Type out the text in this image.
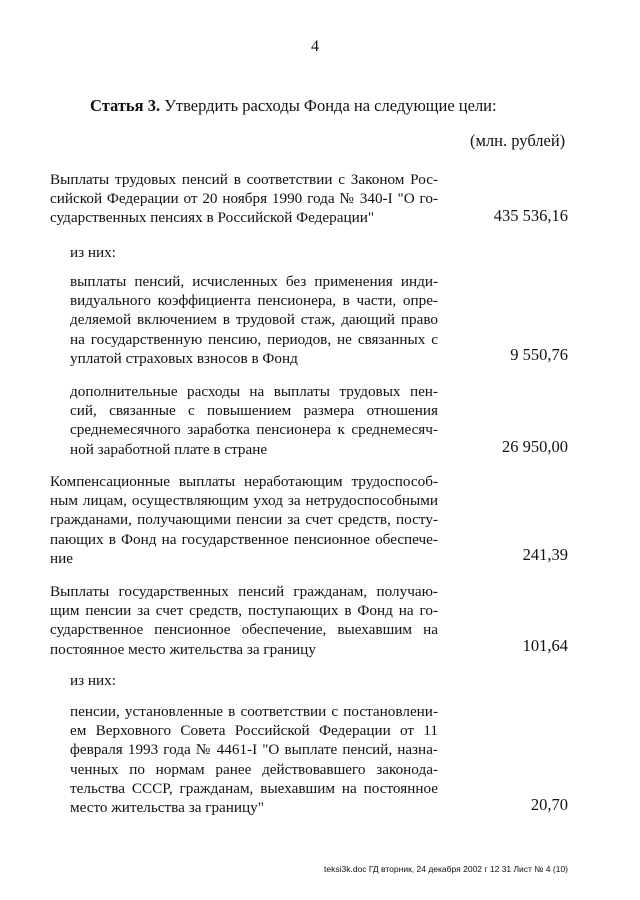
4
Статья 3. Утвердить расходы Фонда на следующие цели:
(млн. рублей)
Выплаты трудовых пенсий в соответствии с Законом Рос-
сийской Федерации от 20 ноября 1990 года № 340-I "О го-
сударственных пенсиях в Российской Федерации"	435 536,16
из них:
выплаты пенсий, исчисленных без применения инди-
видуального коэффициента пенсионера, в части, опре-
деляемой включением в трудовой стаж, дающий право
на государственную пенсию, периодов, не связанных с
уплатой страховых взносов в Фонд	9 550,76
дополнительные расходы на выплаты трудовых пен-
сий, связанные с повышением размера отношения
среднемесячного заработка пенсионера к среднемесяч-
ной заработной плате в стране	26 950,00
Компенсационные выплаты неработающим трудоспособ-
ным лицам, осуществляющим уход за нетрудоспособными
гражданами, получающими пенсии за счет средств, посту-
пающих в Фонд на государственное пенсионное обеспече-
ние	241,39
Выплаты государственных пенсий гражданам, получаю-
щим пенсии за счет средств, поступающих в Фонд на го-
сударственное пенсионное обеспечение, выехавшим на
постоянное место жительства за границу	101,64
из них:
пенсии, установленные в соответствии с постановлени-
ем Верховного Совета Российской Федерации от 11
февраля 1993 года № 4461-I "О выплате пенсий, назна-
ченных по нормам ранее действовавшего законода-
тельства СССР, гражданам, выехавшим на постоянное
место жительства за границу"	20,70
teksi3k.doc ГД вторник, 24 декабря 2002 г 12 31 Лист № 4 (10)
